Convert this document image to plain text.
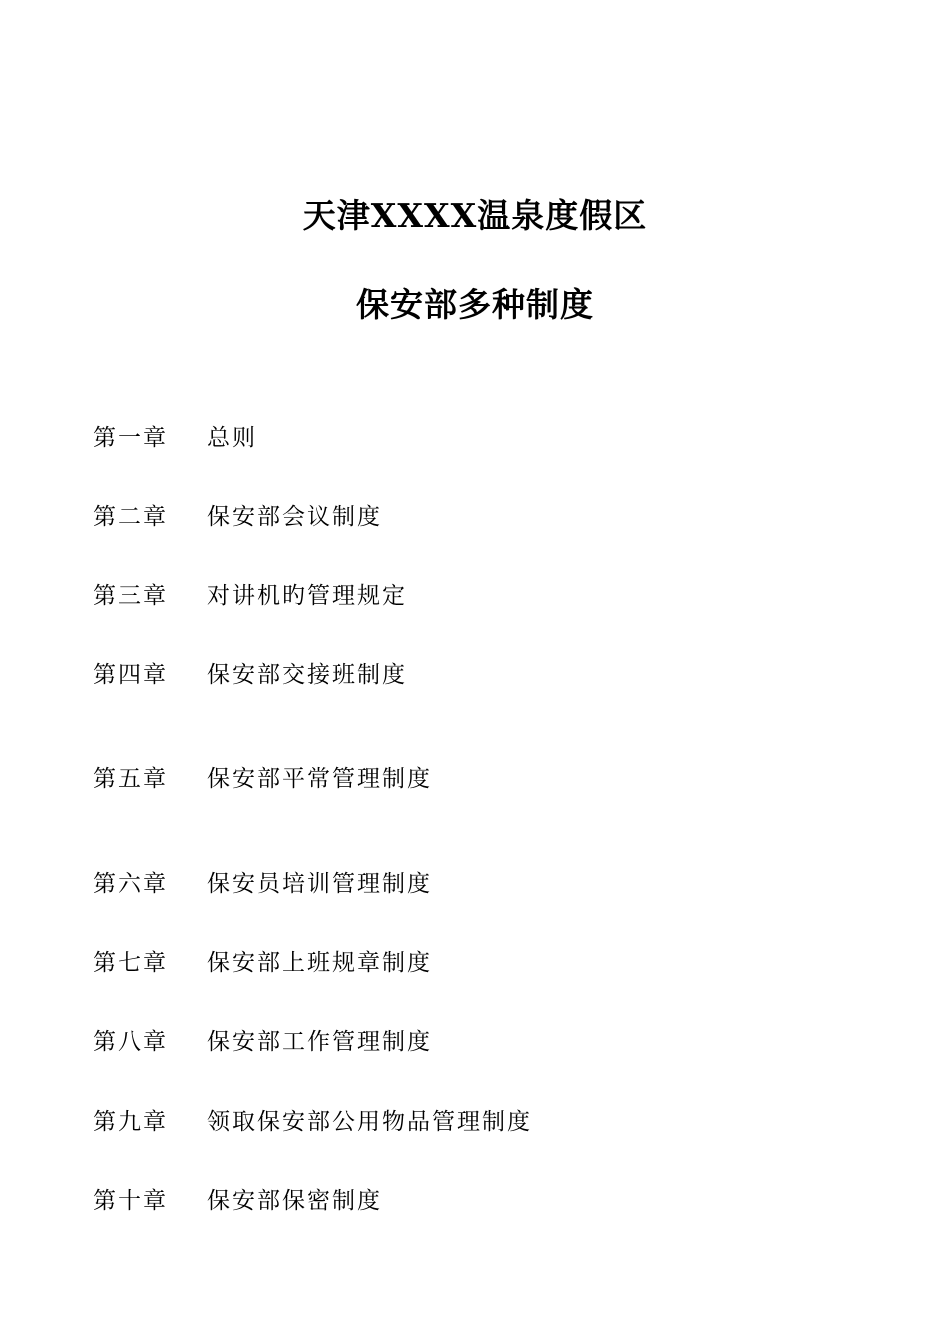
天津XXXX温泉度假区
保安部多种制度
第一章 总则
第二章 保安部会议制度
第三章 对讲机旳管理规定
第四章 保安部交接班制度
第五章 保安部平常管理制度
第六章 保安员培训管理制度
第七章 保安部上班规章制度
第八章 保安部工作管理制度
第九章 领取保安部公用物品管理制度
第十章 保安部保密制度
